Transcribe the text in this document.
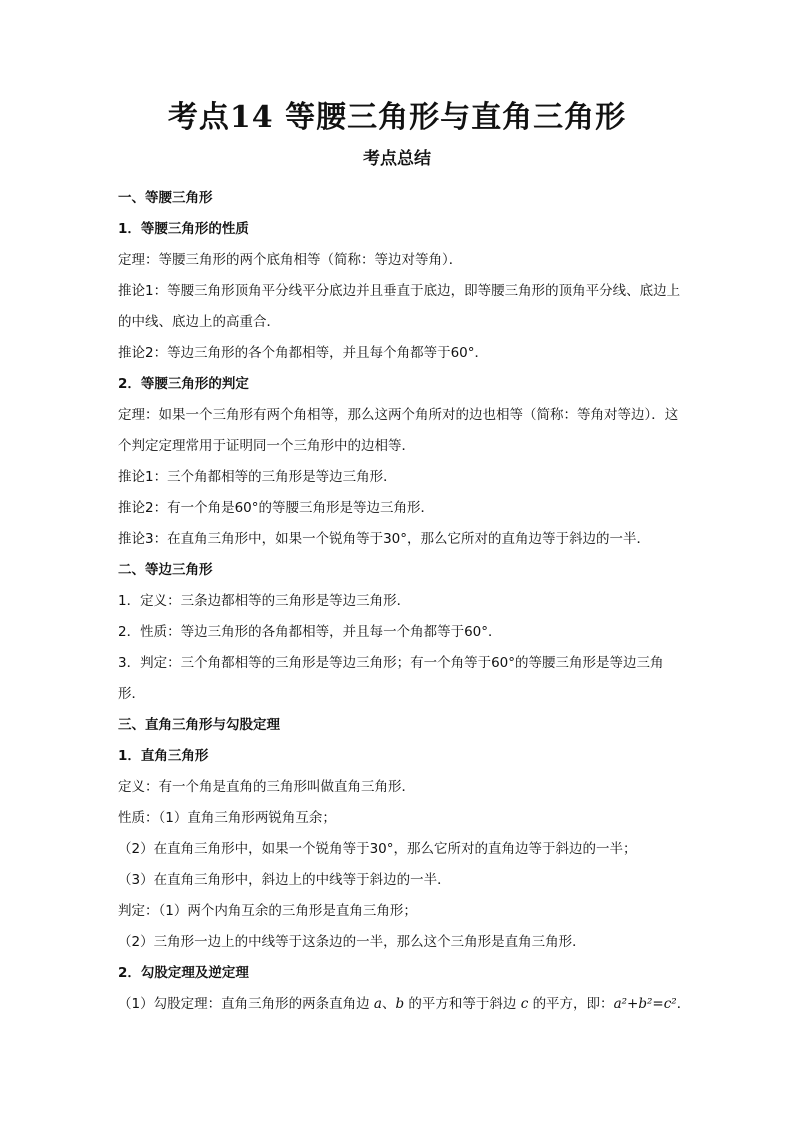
考点14 等腰三角形与直角三角形
考点总结

一、等腰三角形

1．等腰三角形的性质

定理：等腰三角形的两个底角相等（简称：等边对等角）．

推论1：等腰三角形顶角平分线平分底边并且垂直于底边，即等腰三角形的顶角平分线、底边上的中线、底边上的高重合．

推论2：等边三角形的各个角都相等，并且每个角都等于60°．

2．等腰三角形的判定

定理：如果一个三角形有两个角相等，那么这两个角所对的边也相等（简称：等角对等边）．这个判定定理常用于证明同一个三角形中的边相等．

推论1：三个角都相等的三角形是等边三角形．

推论2：有一个角是60°的等腰三角形是等边三角形．

推论3：在直角三角形中，如果一个锐角等于30°，那么它所对的直角边等于斜边的一半．

二、等边三角形

1．定义：三条边都相等的三角形是等边三角形．

2．性质：等边三角形的各角都相等，并且每一个角都等于60°．

3．判定：三个角都相等的三角形是等边三角形；有一个角等于60°的等腰三角形是等边三角形．

三、直角三角形与勾股定理

1．直角三角形

定义：有一个角是直角的三角形叫做直角三角形．

性质：（1）直角三角形两锐角互余；

（2）在直角三角形中，如果一个锐角等于30°，那么它所对的直角边等于斜边的一半；

（3）在直角三角形中，斜边上的中线等于斜边的一半．

判定：（1）两个内角互余的三角形是直角三角形；

（2）三角形一边上的中线等于这条边的一半，那么这个三角形是直角三角形．

2．勾股定理及逆定理

（1）勾股定理：直角三角形的两条直角边 a、b 的平方和等于斜边 c 的平方，即：a²+b²=c²．
